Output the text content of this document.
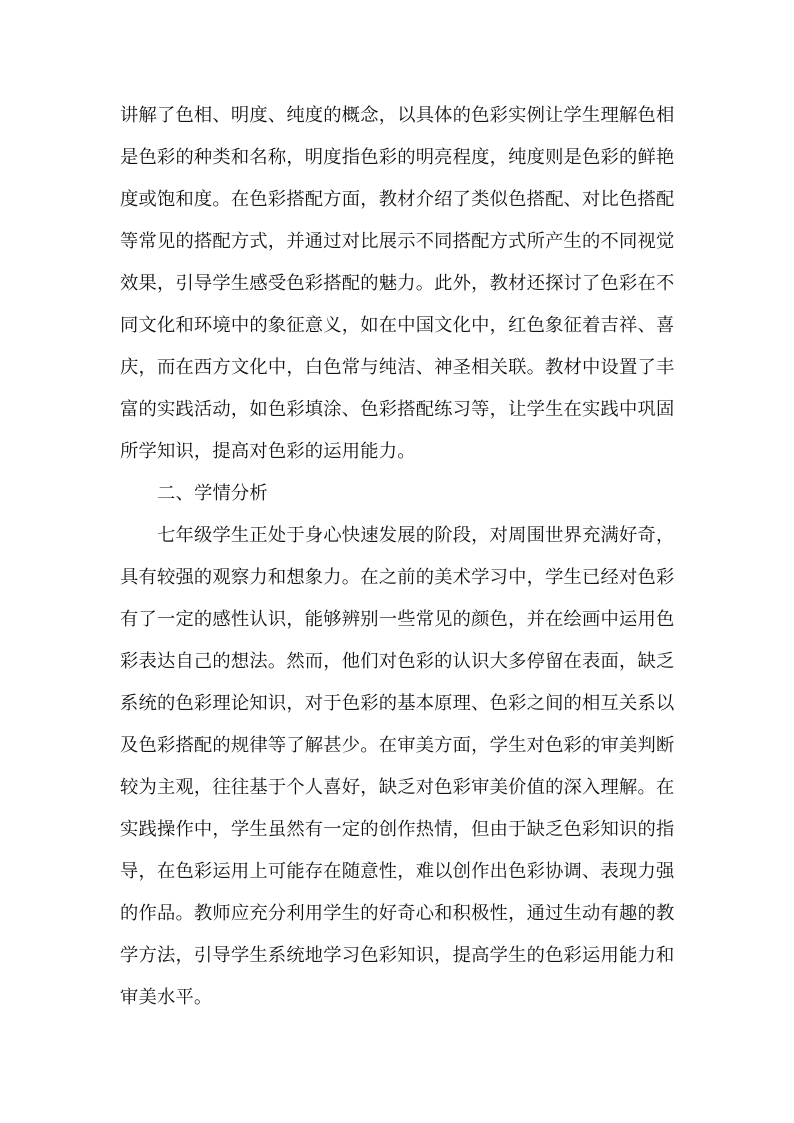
讲解了色相、明度、纯度的概念，以具体的色彩实例让学生理解色相
是色彩的种类和名称，明度指色彩的明亮程度，纯度则是色彩的鲜艳
度或饱和度。在色彩搭配方面，教材介绍了类似色搭配、对比色搭配
等常见的搭配方式，并通过对比展示不同搭配方式所产生的不同视觉
效果，引导学生感受色彩搭配的魅力。此外，教材还探讨了色彩在不
同文化和环境中的象征意义，如在中国文化中，红色象征着吉祥、喜
庆，而在西方文化中，白色常与纯洁、神圣相关联。教材中设置了丰
富的实践活动，如色彩填涂、色彩搭配练习等，让学生在实践中巩固
所学知识，提高对色彩的运用能力。
二、学情分析
七年级学生正处于身心快速发展的阶段，对周围世界充满好奇，
具有较强的观察力和想象力。在之前的美术学习中，学生已经对色彩
有了一定的感性认识，能够辨别一些常见的颜色，并在绘画中运用色
彩表达自己的想法。然而，他们对色彩的认识大多停留在表面，缺乏
系统的色彩理论知识，对于色彩的基本原理、色彩之间的相互关系以
及色彩搭配的规律等了解甚少。在审美方面，学生对色彩的审美判断
较为主观，往往基于个人喜好，缺乏对色彩审美价值的深入理解。在
实践操作中，学生虽然有一定的创作热情，但由于缺乏色彩知识的指
导，在色彩运用上可能存在随意性，难以创作出色彩协调、表现力强
的作品。教师应充分利用学生的好奇心和积极性，通过生动有趣的教
学方法，引导学生系统地学习色彩知识，提高学生的色彩运用能力和
审美水平。
